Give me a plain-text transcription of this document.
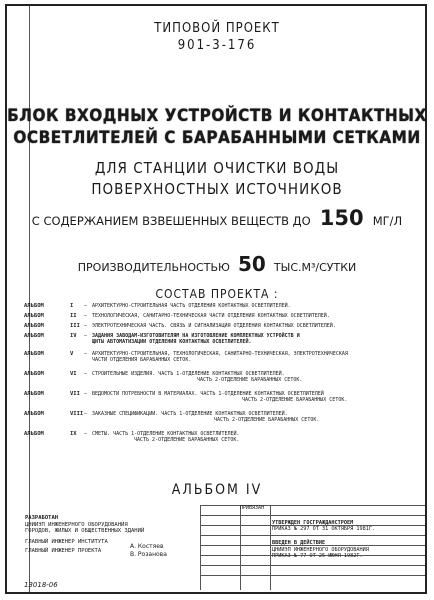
ТИПОВОЙ ПРОЕКТ
901-3-176
БЛОК ВХОДНЫХ УСТРОЙСТВ И КОНТАКТНЫХ
ОСВЕТЛИТЕЛЕЙ С БАРАБАННЫМИ СЕТКАМИ
ДЛЯ СТАНЦИИ ОЧИСТКИ ВОДЫ
ПОВЕРХНОСТНЫХ ИСТОЧНИКОВ
С СОДЕРЖАНИЕМ ВЗВЕШЕННЫХ ВЕЩЕСТВ ДО 150 МГ/Л
ПРОИЗВОДИТЕЛЬНОСТЬЮ 50 ТЫС.М³/СУТКИ
СОСТАВ ПРОЕКТА :
АЛЬБОМ	I – АРХИТЕКТУРНО-СТРОИТЕЛЬНАЯ ЧАСТЬ ОТДЕЛЕНИЯ КОНТАКТНЫХ ОСВЕТЛИТЕЛЕЙ.
АЛЬБОМ	II – ТЕХНОЛОГИЧЕСКАЯ, САНИТАРНО-ТЕХНИЧЕСКАЯ ЧАСТИ ОТДЕЛЕНИЯ КОНТАКТНЫХ ОСВЕТЛИТЕЛЕЙ.
АЛЬБОМ	III – ЭЛЕКТРОТЕХНИЧЕСКАЯ ЧАСТЬ. СВЯЗЬ И СИГНАЛИЗАЦИЯ ОТДЕЛЕНИЯ КОНТАКТНЫХ ОСВЕТЛИТЕЛЕЙ.
АЛЬБОМ	IV – ЗАДАНИЯ ЗАВОДАМ-ИЗГОТОВИТЕЛЯМ НА ИЗГОТОВЛЕНИЕ КОМПЛЕКТНЫХ УСТРОЙСТВ И
ЩИТЫ АВТОМАТИЗАЦИИ ОТДЕЛЕНИЯ КОНТАКТНЫХ ОСВЕТЛИТЕЛЕЙ.
АЛЬБОМ	V – АРХИТЕКТУРНО-СТРОИТЕЛЬНАЯ, ТЕХНОЛОГИЧЕСКАЯ, САНИТАРНО-ТЕХНИЧЕСКАЯ, ЭЛЕКТРОТЕХНИЧЕСКАЯ
ЧАСТИ ОТДЕЛЕНИЯ БАРАБАННЫХ СЕТОК.
АЛЬБОМ	VI – СТРОИТЕЛЬНЫЕ ИЗДЕЛИЯ. ЧАСТЬ 1-ОТДЕЛЕНИЕ КОНТАКТНЫХ ОСВЕТЛИТЕЛЕЙ.
ЧАСТЬ 2-ОТДЕЛЕНИЕ БАРАБАННЫХ СЕТОК.
АЛЬБОМ	VII – ВЕДОМОСТИ ПОТРЕБНОСТИ В МАТЕРИАЛАХ. ЧАСТЬ 1-ОТДЕЛЕНИЕ КОНТАКТНЫХ ОСВЕТЛИТЕЛЕЙ
ЧАСТЬ 2-ОТДЕЛЕНИЕ БАРАБАННЫХ СЕТОК.
АЛЬБОМ	VIII – ЗАКАЗНЫЕ СПЕЦИФИКАЦИИ. ЧАСТЬ 1-ОТДЕЛЕНИЕ КОНТАКТНЫХ ОСВЕТЛИТЕЛЕЙ.
ЧАСТЬ 2-ОТДЕЛЕНИЕ БАРАБАННЫХ СЕТОК.
АЛЬБОМ	IX – СМЕТЫ. ЧАСТЬ 1-ОТДЕЛЕНИЕ КОНТАКТНЫХ ОСВЕТЛИТЕЛЕЙ.
ЧАСТЬ 2-ОТДЕЛЕНИЕ БАРАБАННЫХ СЕТОК.
АЛЬБОМ IV
ПРИВЯЗАН
РАЗРАБОТАН
ЦНИИЭП ИНЖЕНЕРНОГО ОБОРУДОВАНИЯ
ГОРОДОВ, ЖИЛЫХ И ОБЩЕСТВЕННЫХ ЗДАНИЙ
ГЛАВНЫЙ ИНЖЕНЕР ИНСТИТУТА
ГЛАВНЫЙ ИНЖЕНЕР ПРОЕКТА
А. Костяев
В. Розанова
УТВЕРЖДЕН ГОСГРАЖДАНСТРОЕМ
ПРИКАЗ № 297 ОТ 31 ОКТЯБРЯ 1981Г.
ВВЕДЕН В ДЕЙСТВИЕ
ЦНИИЭП ИНЖЕНЕРНОГО ОБОРУДОВАНИЯ
ПРИКАЗ № 77 ОТ 25 ИЮНЯ 1982Г.
13018-06
